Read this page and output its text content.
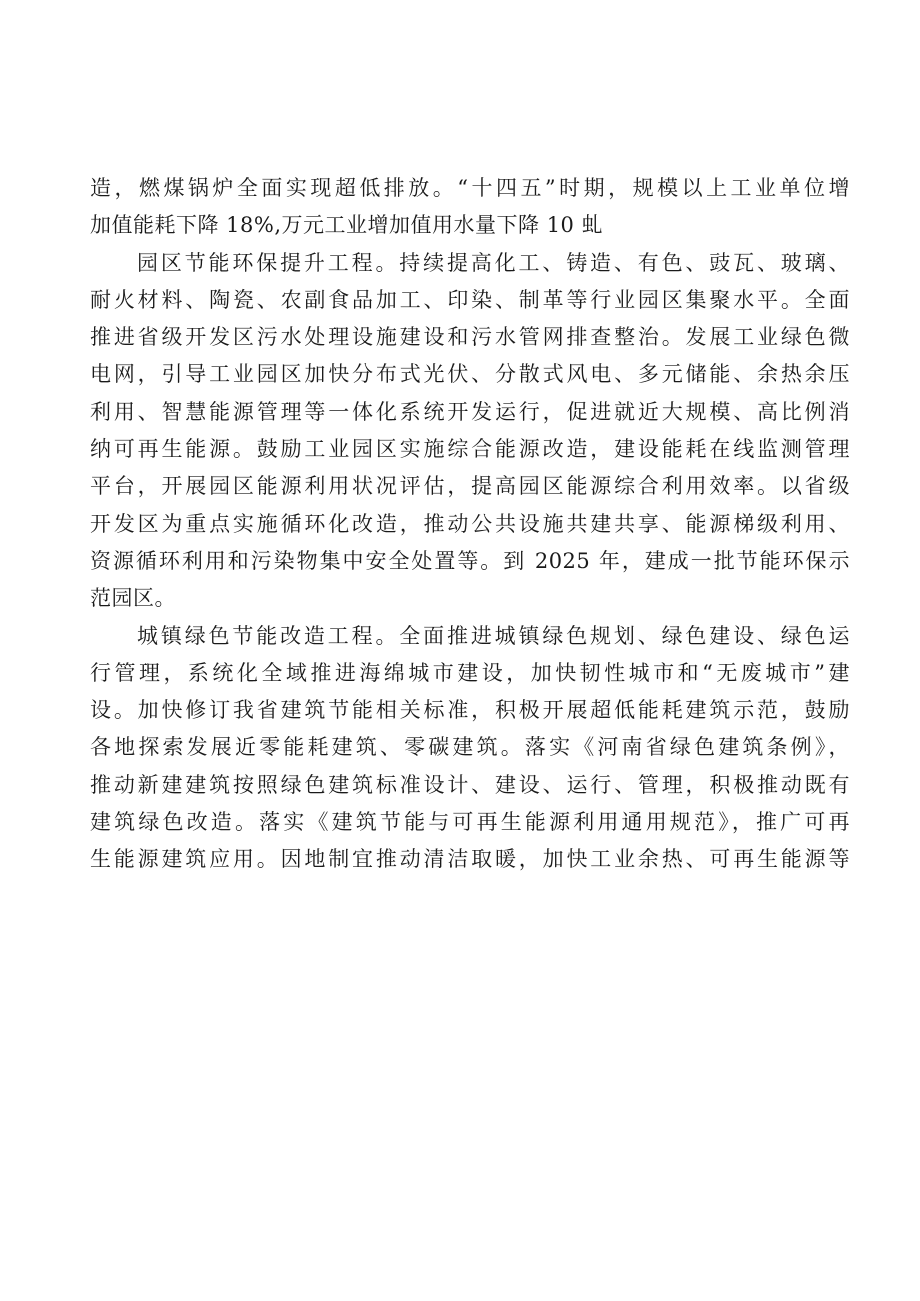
造，燃煤锅炉全面实现超低排放。“十四五”时期，规模以上工业单位增
加值能耗下降 18%,万元工业增加值用水量下降 10 虬
园区节能环保提升工程。持续提高化工、铸造、有色、豉瓦、玻璃、
耐火材料、陶瓷、农副食品加工、印染、制革等行业园区集聚水平。全面
推进省级开发区污水处理设施建设和污水管网排查整治。发展工业绿色微
电网，引导工业园区加快分布式光伏、分散式风电、多元储能、余热余压
利用、智慧能源管理等一体化系统开发运行，促进就近大规模、高比例消
纳可再生能源。鼓励工业园区实施综合能源改造，建设能耗在线监测管理
平台，开展园区能源利用状况评估，提高园区能源综合利用效率。以省级
开发区为重点实施循环化改造，推动公共设施共建共享、能源梯级利用、
资源循环利用和污染物集中安全处置等。到 2025 年，建成一批节能环保示
范园区。
城镇绿色节能改造工程。全面推进城镇绿色规划、绿色建设、绿色运
行管理，系统化全域推进海绵城市建设，加快韧性城市和“无废城市”建
设。加快修订我省建筑节能相关标准，积极开展超低能耗建筑示范，鼓励
各地探索发展近零能耗建筑、零碳建筑。落实《河南省绿色建筑条例》，
推动新建建筑按照绿色建筑标准设计、建设、运行、管理，积极推动既有
建筑绿色改造。落实《建筑节能与可再生能源利用通用规范》，推广可再
生能源建筑应用。因地制宜推动清洁取暖，加快工业余热、可再生能源等
